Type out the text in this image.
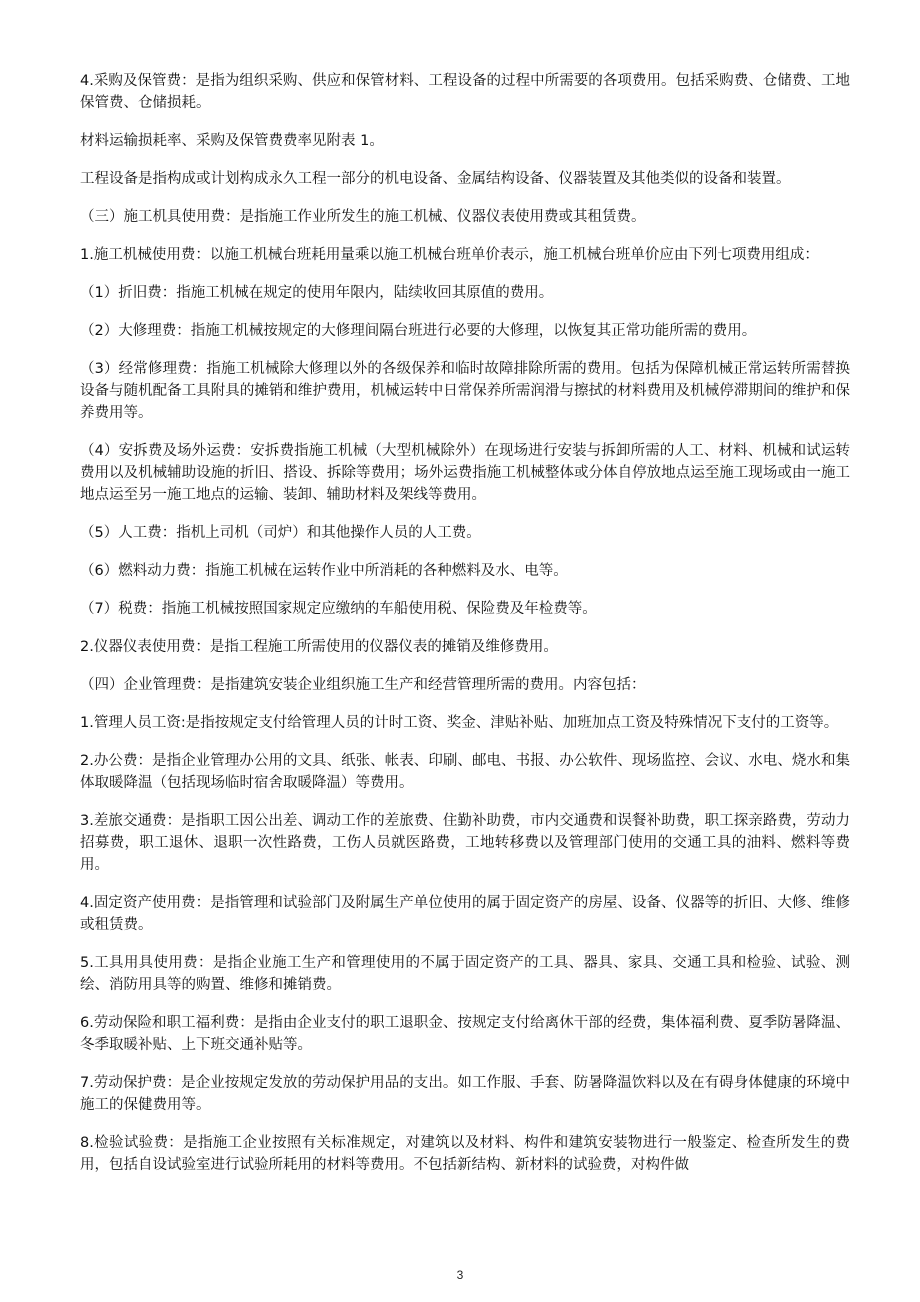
4.采购及保管费：是指为组织采购、供应和保管材料、工程设备的过程中所需要的各项费用。包括采购费、仓储费、工地保管费、仓储损耗。

材料运输损耗率、采购及保管费费率见附表 1。

工程设备是指构成或计划构成永久工程一部分的机电设备、金属结构设备、仪器装置及其他类似的设备和装置。

（三）施工机具使用费：是指施工作业所发生的施工机械、仪器仪表使用费或其租赁费。

1.施工机械使用费：以施工机械台班耗用量乘以施工机械台班单价表示，施工机械台班单价应由下列七项费用组成：

（1）折旧费：指施工机械在规定的使用年限内，陆续收回其原值的费用。

（2）大修理费：指施工机械按规定的大修理间隔台班进行必要的大修理，以恢复其正常功能所需的费用。

（3）经常修理费：指施工机械除大修理以外的各级保养和临时故障排除所需的费用。包括为保障机械正常运转所需替换设备与随机配备工具附具的摊销和维护费用，机械运转中日常保养所需润滑与擦拭的材料费用及机械停滞期间的维护和保养费用等。

（4）安拆费及场外运费：安拆费指施工机械（大型机械除外）在现场进行安装与拆卸所需的人工、材料、机械和试运转费用以及机械辅助设施的折旧、搭设、拆除等费用；场外运费指施工机械整体或分体自停放地点运至施工现场或由一施工地点运至另一施工地点的运输、装卸、辅助材料及架线等费用。

（5）人工费：指机上司机（司炉）和其他操作人员的人工费。

（6）燃料动力费：指施工机械在运转作业中所消耗的各种燃料及水、电等。

（7）税费：指施工机械按照国家规定应缴纳的车船使用税、保险费及年检费等。

2.仪器仪表使用费：是指工程施工所需使用的仪器仪表的摊销及维修费用。

（四）企业管理费：是指建筑安装企业组织施工生产和经营管理所需的费用。内容包括：

1.管理人员工资:是指按规定支付给管理人员的计时工资、奖金、津贴补贴、加班加点工资及特殊情况下支付的工资等。

2.办公费：是指企业管理办公用的文具、纸张、帐表、印刷、邮电、书报、办公软件、现场监控、会议、水电、烧水和集体取暖降温（包括现场临时宿舍取暖降温）等费用。

3.差旅交通费：是指职工因公出差、调动工作的差旅费、住勤补助费，市内交通费和误餐补助费，职工探亲路费，劳动力招募费，职工退休、退职一次性路费，工伤人员就医路费，工地转移费以及管理部门使用的交通工具的油料、燃料等费用。

4.固定资产使用费：是指管理和试验部门及附属生产单位使用的属于固定资产的房屋、设备、仪器等的折旧、大修、维修或租赁费。

5.工具用具使用费：是指企业施工生产和管理使用的不属于固定资产的工具、器具、家具、交通工具和检验、试验、测绘、消防用具等的购置、维修和摊销费。

6.劳动保险和职工福利费：是指由企业支付的职工退职金、按规定支付给离休干部的经费，集体福利费、夏季防暑降温、冬季取暖补贴、上下班交通补贴等。

7.劳动保护费：是企业按规定发放的劳动保护用品的支出。如工作服、手套、防暑降温饮料以及在有碍身体健康的环境中施工的保健费用等。

8.检验试验费：是指施工企业按照有关标准规定，对建筑以及材料、构件和建筑安装物进行一般鉴定、检查所发生的费用，包括自设试验室进行试验所耗用的材料等费用。不包括新结构、新材料的试验费，对构件做

3
